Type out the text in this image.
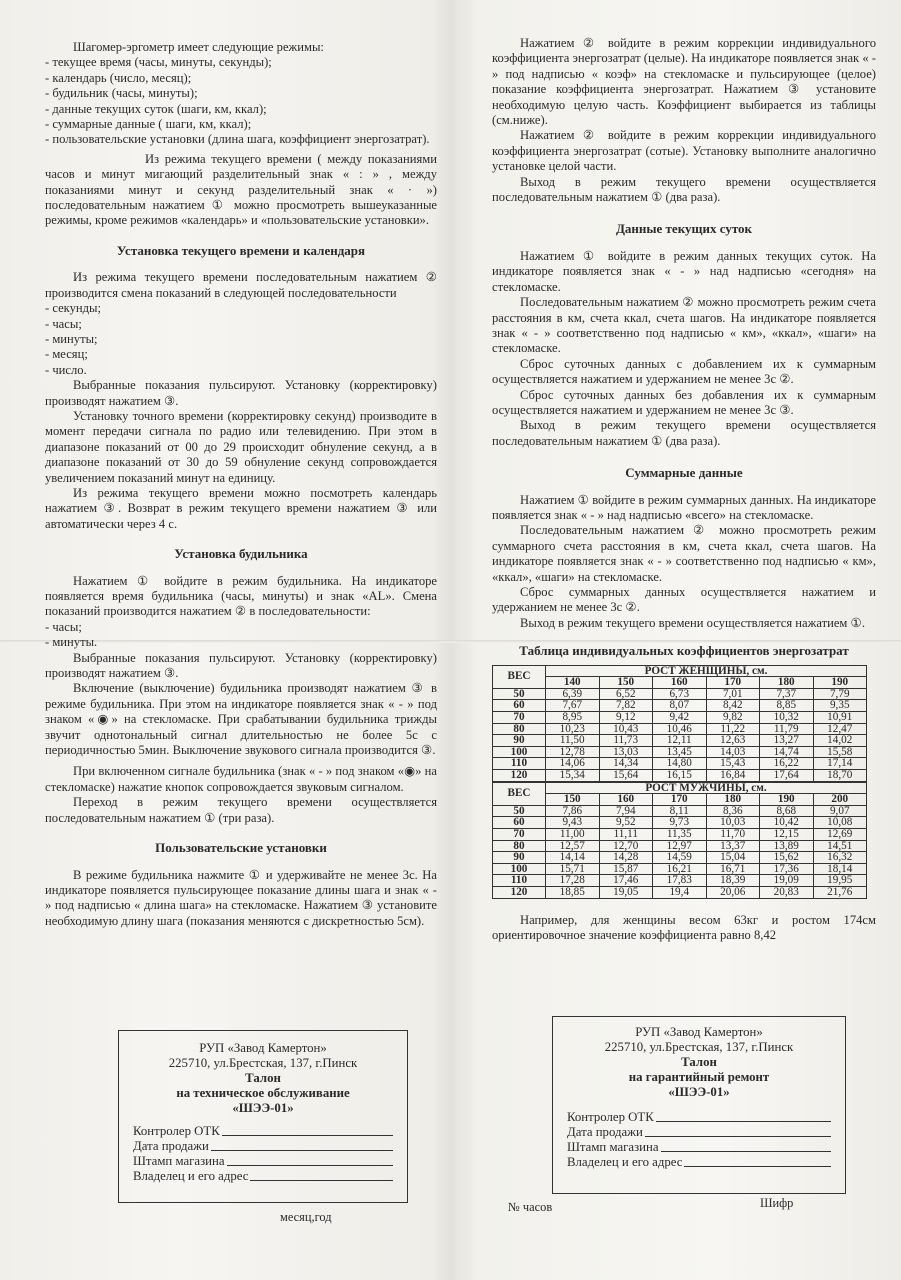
Шагомер-эргометр имеет следующие режимы:

- текущее время (часы, минуты, секунды);
- календарь (число, месяц);
- будильник (часы, минуты);
- данные текущих суток (шаги, км, ккал);
- суммарные данные ( шаги, км, ккал);
- пользовательские установки (длина шага, коэффициент энергозатрат).

Из режима текущего времени ( между показаниями часов и минут мигающий разделительный знак « : » , между показаниями минут и секунд разделительный знак « · ») последовательным нажатием ① можно просмотреть вышеуказанные режимы, кроме режимов «календарь» и «пользовательские установки».

Установка текущего времени и календаря

Из режима текущего времени последовательным нажатием ② производится смена показаний в следующей последовательности

- секунды;
- часы;
- минуты;
- месяц;
- число.

Выбранные показания пульсируют. Установку (корректировку) производят нажатием ③.

Установку точного времени (корректировку секунд) производите в момент передачи сигнала по радио или телевидению. При этом в диапазоне показаний от 00 до 29 происходит обнуление секунд, а в диапазоне показаний от 30 до 59 обнуление секунд сопровождается увеличением показаний минут на единицу.

Из режима текущего времени можно посмотреть календарь нажатием ③. Возврат в режим текущего времени нажатием ③ или автоматически через 4 с.

Установка будильника

Нажатием ① войдите в режим будильника. На индикаторе появляется время будильника (часы, минуты) и знак «AL». Смена показаний производится нажатием ② в последовательности:

- часы;
- минуты.

Выбранные показания пульсируют. Установку (корректировку) производят нажатием ③.

Включение (выключение) будильника производят нажатием ③ в режиме будильника. При этом на индикаторе появляется знак « - » под знаком «◉» на стекломаске. При срабатывании будильника трижды звучит однотональный сигнал длительностью не более 5с с периодичностью 5мин. Выключение звукового сигнала производится ③.

При включенном сигнале будильника (знак « - » под знаком «◉» на стекломаске) нажатие кнопок сопровождается звуковым сигналом.

Переход в режим текущего времени осуществляется последовательным нажатием ① (три раза).

Пользовательские установки

В режиме будильника нажмите ① и удерживайте не менее 3с. На индикаторе появляется пульсирующее показание длины шага и знак « - » под надписью « длина шага» на стекломаске. Нажатием ③ установите необходимую длину шага (показания меняются с дискретностью 5см).

РУП «Завод Камертон»
225710, ул.Брестская, 137, г.Пинск
Талон
на техническое обслуживание
«ШЭЭ-01»
Контролер ОТК
Дата продажи
Штамп магазина
Владелец и его адрес
месяц,год

Нажатием ② войдите в режим коррекции индивидуального коэффициента энергозатрат (целые). На индикаторе появляется знак « - » под надписью « коэф» на стекломаске и пульсирующее (целое) показание коэффициента энергозатрат. Нажатием ③ установите необходимую целую часть. Коэффициент выбирается из таблицы (см.ниже).

Нажатием ② войдите в режим коррекции индивидуального коэффициента энергозатрат (сотые). Установку выполните аналогично установке целой части.

Выход в режим текущего времени осуществляется последовательным нажатием ① (два раза).

Данные текущих суток

Нажатием ① войдите в режим данных текущих суток. На индикаторе появляется знак « - » над надписью «сегодня» на стекломаске.

Последовательным нажатием ② можно просмотреть режим счета расстояния в км, счета ккал, счета шагов. На индикаторе появляется знак « - » соответственно под надписью « км», «ккал», «шаги» на стекломаске.

Сброс суточных данных с добавлением их к суммарным осуществляется нажатием и удержанием не менее 3с ②.

Сброс суточных данных без добавления их к суммарным осуществляется нажатием и удержанием не менее 3с ③.

Выход в режим текущего времени осуществляется последовательным нажатием ① (два раза).

Суммарные данные

Нажатием ① войдите в режим суммарных данных. На индикаторе появляется знак « - » над надписью «всего» на стекломаске.

Последовательным нажатием ② можно просмотреть режим суммарного счета расстояния в км, счета ккал, счета шагов. На индикаторе появляется знак « - » соответственно под надписью « км», «ккал», «шаги» на стекломаске.

Сброс суммарных данных осуществляется нажатием и удержанием не менее 3с ②.

Выход в режим текущего времени осуществляется нажатием ①.

Таблица индивидуальных коэффициентов энергозатрат
ВЕС	РОСТ ЖЕНЩИНЫ, см.					
	140	150	160	170	180	190
50	6,39	6,52	6,73	7,01	7,37	7,79
60	7,67	7,82	8,07	8,42	8,85	9,35
70	8,95	9,12	9,42	9,82	10,32	10,91
80	10,23	10,43	10,46	11,22	11,79	12,47
90	11,50	11,73	12,11	12,63	13,27	14,02
100	12,78	13,03	13,45	14,03	14,74	15,58
110	14,06	14,34	14,80	15,43	16,22	17,14
120	15,34	15,64	16,15	16,84	17,64	18,70
ВЕС	РОСТ МУЖЧИНЫ, см.					
	150	160	170	180	190	200
50	7,86	7,94	8,11	8,36	8,68	9,07
60	9,43	9,52	9,73	10,03	10,42	10,08
70	11,00	11,11	11,35	11,70	12,15	12,69
80	12,57	12,70	12,97	13,37	13,89	14,51
90	14,14	14,28	14,59	15,04	15,62	16,32
100	15,71	15,87	16,21	16,71	17,36	18,14
110	17,28	17,46	17,83	18,39	19,09	19,95
120	18,85	19,05	19,4	20,06	20,83	21,76

Например, для женщины весом 63кг и ростом 174см ориентировочное значение коэффициента равно 8,42

РУП «Завод Камертон»
225710, ул.Брестская, 137, г.Пинск
Талон
на гарантийный ремонт
«ШЭЭ-01»
Контролер ОТК
Дата продажи
Штамп магазина
Владелец и его адрес
№ часов	Шифр
